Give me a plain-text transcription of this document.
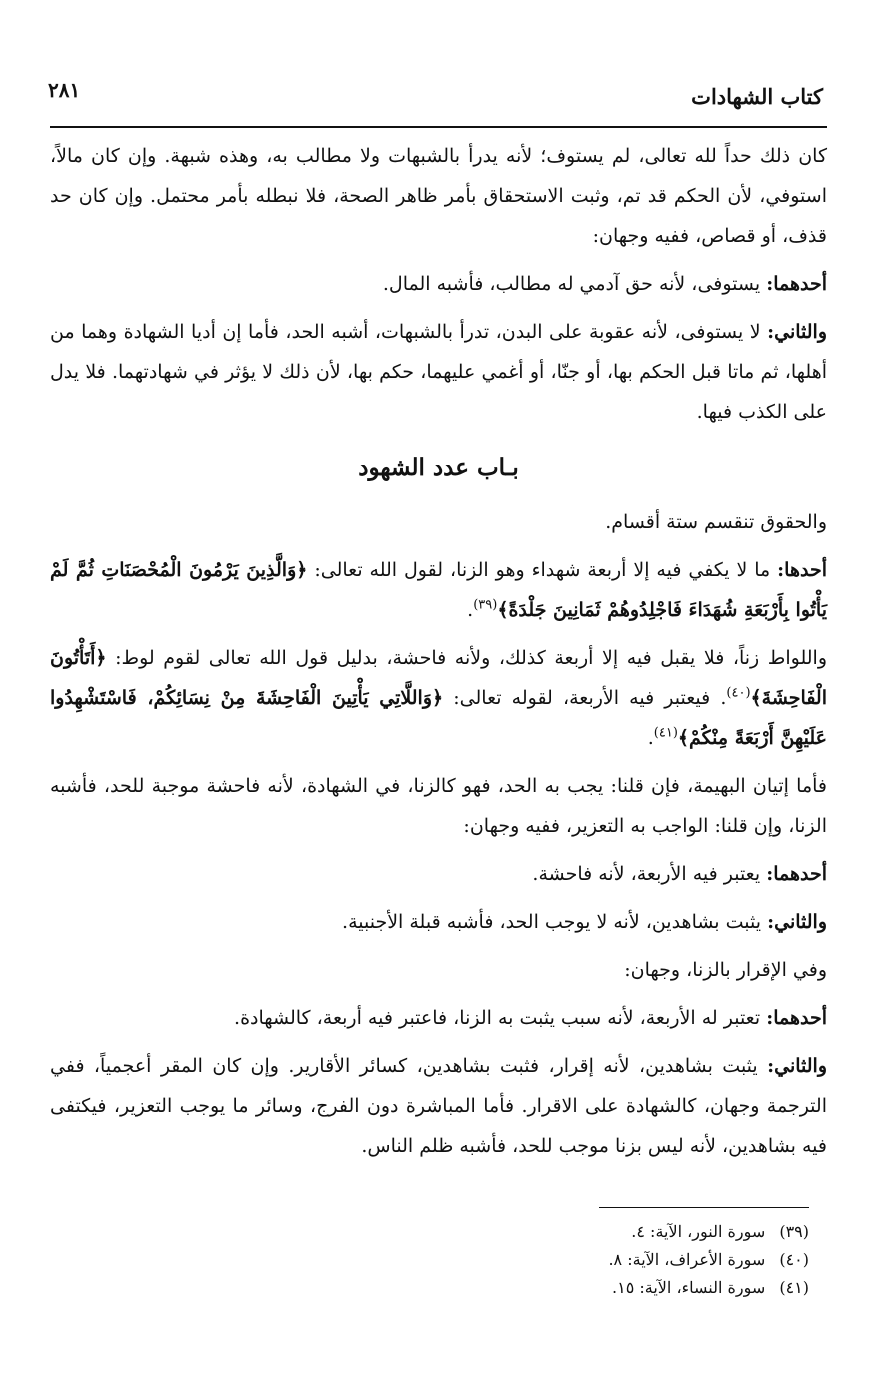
كتاب الشهادات
٢٨١

كان ذلك حداً لله تعالى، لم يستوف؛ لأنه يدرأ بالشبهات ولا مطالب به، وهذه شبهة. وإن كان مالاً، استوفي، لأن الحكم قد تم، وثبت الاستحقاق بأمر ظاهر الصحة، فلا نبطله بأمر محتمل. وإن كان حد قذف، أو قصاص، ففيه وجهان:

أحدهما: يستوفى، لأنه حق آدمي له مطالب، فأشبه المال.

والثاني: لا يستوفى، لأنه عقوبة على البدن، تدرأ بالشبهات، أشبه الحد، فأما إن أديا الشهادة وهما من أهلها، ثم ماتا قبل الحكم بها، أو جنّا، أو أغمي عليهما، حكم بها، لأن ذلك لا يؤثر في شهادتهما. فلا يدل على الكذب فيها.

بـاب عدد الشهود

والحقوق تنقسم ستة أقسام.

أحدها: ما لا يكفي فيه إلا أربعة شهداء وهو الزنا، لقول الله تعالى: ﴿وَالَّذِينَ يَرْمُونَ الْمُحْصَنَاتِ ثُمَّ لَمْ يَأْتُوا بِأَرْبَعَةِ شُهَدَاءَ فَاجْلِدُوهُمْ ثَمَانِينَ جَلْدَةً﴾$^{(٣٩)}$.

واللواط زناً، فلا يقبل فيه إلا أربعة كذلك، ولأنه فاحشة، بدليل قول الله تعالى لقوم لوط: ﴿أَتَأْتُونَ الْفَاحِشَةَ﴾$^{(٤٠)}$. فيعتبر فيه الأربعة، لقوله تعالى: ﴿وَاللَّاتِي يَأْتِينَ الْفَاحِشَةَ مِنْ نِسَائِكُمْ، فَاسْتَشْهِدُوا عَلَيْهِنَّ أَرْبَعَةً مِنْكُمْ﴾$^{(٤١)}$.

فأما إتيان البهيمة، فإن قلنا: يجب به الحد، فهو كالزنا، في الشهادة، لأنه فاحشة موجبة للحد، فأشبه الزنا، وإن قلنا: الواجب به التعزير، ففيه وجهان:

أحدهما: يعتبر فيه الأربعة، لأنه فاحشة.

والثاني: يثبت بشاهدين، لأنه لا يوجب الحد، فأشبه قبلة الأجنبية.

وفي الإقرار بالزنا، وجهان:

أحدهما: تعتبر له الأربعة، لأنه سبب يثبت به الزنا، فاعتبر فيه أربعة، كالشهادة.

والثاني: يثبت بشاهدين، لأنه إقرار، فثبت بشاهدين، كسائر الأقارير. وإن كان المقر أعجمياً، ففي الترجمة وجهان، كالشهادة على الاقرار. فأما المباشرة دون الفرج، وسائر ما يوجب التعزير، فيكتفى فيه بشاهدين، لأنه ليس بزنا موجب للحد، فأشبه ظلم الناس.

(٣٩)سورة النور، الآية: ٤.
(٤٠)سورة الأعراف، الآية: ٨.
(٤١)سورة النساء، الآية: ١٥.
